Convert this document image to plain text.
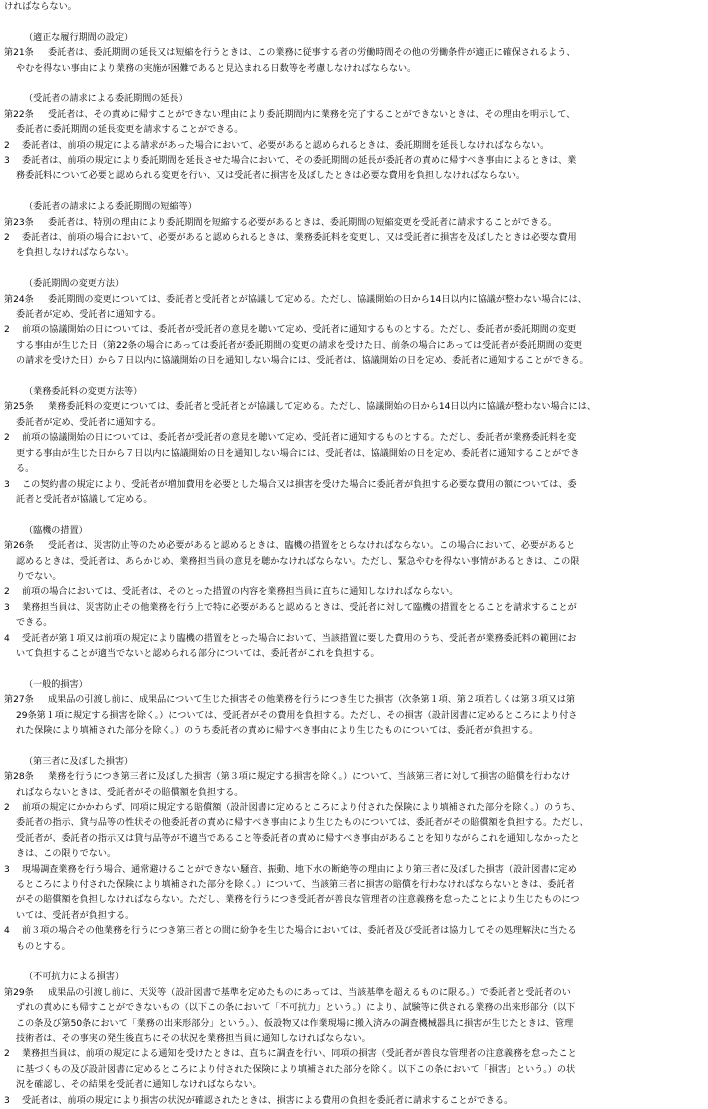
ければならない。
（適正な履行期間の設定）
第21条	委託者は、委託期間の延長又は短縮を行うときは、この業務に従事する者の労働時間その他の労働条件が適正に確保されるよう、
やむを得ない事由により業務の実施が困難であると見込まれる日数等を考慮しなければならない。
（受託者の請求による委託期間の延長）
第22条	受託者は、その責めに帰すことができない理由により委託期間内に業務を完了することができないときは、その理由を明示して、
委託者に委託期間の延長変更を請求することができる。
2	委託者は、前項の規定による請求があった場合において、必要があると認められるときは、委託期間を延長しなければならない。
3	委託者は、前項の規定により委託期間を延長させた場合において、その委託期間の延長が委託者の責めに帰すべき事由によるときは、業
務委託料について必要と認められる変更を行い、又は受託者に損害を及ぼしたときは必要な費用を負担しなければならない。
（委託者の請求による委託期間の短縮等）
第23条	委託者は、特別の理由により委託期間を短縮する必要があるときは、委託期間の短縮変更を受託者に請求することができる。
2	委託者は、前項の場合において、必要があると認められるときは、業務委託料を変更し、又は受託者に損害を及ぼしたときは必要な費用
を負担しなければならない。
（委託期間の変更方法）
第24条	委託期間の変更については、委託者と受託者とが協議して定める。ただし、協議開始の日から14日以内に協議が整わない場合には、
委託者が定め、受託者に通知する。
2	前項の協議開始の日については、委託者が受託者の意見を聴いて定め、受託者に通知するものとする。ただし、委託者が委託期間の変更
する事由が生じた日（第22条の場合にあっては委託者が委託期間の変更の請求を受けた日、前条の場合にあっては受託者が委託期間の変更
の請求を受けた日）から７日以内に協議開始の日を通知しない場合には、受託者は、協議開始の日を定め、委託者に通知することができる。
（業務委託料の変更方法等）
第25条	業務委託料の変更については、委託者と受託者とが協議して定める。ただし、協議開始の日から14日以内に協議が整わない場合には、
委託者が定め、受託者に通知する。
2	前項の協議開始の日については、委託者が受託者の意見を聴いて定め、受託者に通知するものとする。ただし、委託者が業務委託料を変
更する事由が生じた日から７日以内に協議開始の日を通知しない場合には、受託者は、協議開始の日を定め、委託者に通知することができ
る。
3	この契約書の規定により、受託者が増加費用を必要とした場合又は損害を受けた場合に委託者が負担する必要な費用の額については、委
託者と受託者が協議して定める。
（臨機の措置）
第26条	受託者は、災害防止等のため必要があると認めるときは、臨機の措置をとらなければならない。この場合において、必要があると
認めるときは、受託者は、あらかじめ、業務担当員の意見を聴かなければならない。ただし、緊急やむを得ない事情があるときは、この限
りでない。
2	前項の場合においては、受託者は、そのとった措置の内容を業務担当員に直ちに通知しなければならない。
3	業務担当員は、災害防止その他業務を行う上で特に必要があると認めるときは、受託者に対して臨機の措置をとることを請求することが
できる。
4	受託者が第１項又は前項の規定により臨機の措置をとった場合において、当該措置に要した費用のうち、受託者が業務委託料の範囲にお
いて負担することが適当でないと認められる部分については、委託者がこれを負担する。
（一般的損害）
第27条	成果品の引渡し前に、成果品について生じた損害その他業務を行うにつき生じた損害（次条第１項、第２項若しくは第３項又は第
29条第１項に規定する損害を除く。）については、受託者がその費用を負担する。ただし、その損害（設計図書に定めるところにより付さ
れた保険により填補された部分を除く。）のうち委託者の責めに帰すべき事由により生じたものについては、委託者が負担する。
（第三者に及ぼした損害）
第28条	業務を行うにつき第三者に及ぼした損害（第３項に規定する損害を除く。）について、当該第三者に対して損害の賠償を行わなけ
ればならないときは、受託者がその賠償額を負担する。
2	前項の規定にかかわらず、同項に規定する賠償額（設計図書に定めるところにより付された保険により填補された部分を除く。）のうち、
委託者の指示、貸与品等の性状その他委託者の責めに帰すべき事由により生じたものについては、委託者がその賠償額を負担する。ただし、
受託者が、委託者の指示又は貸与品等が不適当であること等委託者の責めに帰すべき事由があることを知りながらこれを通知しなかったと
きは、この限りでない。
3	現場調査業務を行う場合、通常避けることができない騒音、振動、地下水の断絶等の理由により第三者に及ぼした損害（設計図書に定め
るところにより付された保険により填補された部分を除く。）について、当該第三者に損害の賠償を行わなければならないときは、委託者
がその賠償額を負担しなければならない。ただし、業務を行うにつき受託者が善良な管理者の注意義務を怠ったことにより生じたものにつ
いては、受託者が負担する。
4	前３項の場合その他業務を行うにつき第三者との間に紛争を生じた場合においては、委託者及び受託者は協力してその処理解決に当たる
ものとする。
（不可抗力による損害）
第29条	成果品の引渡し前に、天災等（設計図書で基準を定めたものにあっては、当該基準を超えるものに限る。）で委託者と受託者のい
ずれの責めにも帰すことができないもの（以下この条において「不可抗力」という。）により、試験等に供される業務の出来形部分（以下
この条及び第50条において「業務の出来形部分」という。）、仮設物又は作業現場に搬入済みの調査機械器具に損害が生じたときは、管理
技術者は、その事実の発生後直ちにその状況を業務担当員に通知しなければならない。
2	業務担当員は、前項の規定による通知を受けたときは、直ちに調査を行い、同項の損害（受託者が善良な管理者の注意義務を怠ったこと
に基づくもの及び設計図書に定めるところにより付された保険により填補された部分を除く。以下この条において「損害」という。）の状
況を確認し、その結果を受託者に通知しなければならない。
3	受託者は、前項の規定により損害の状況が確認されたときは、損害による費用の負担を委託者に請求することができる。
